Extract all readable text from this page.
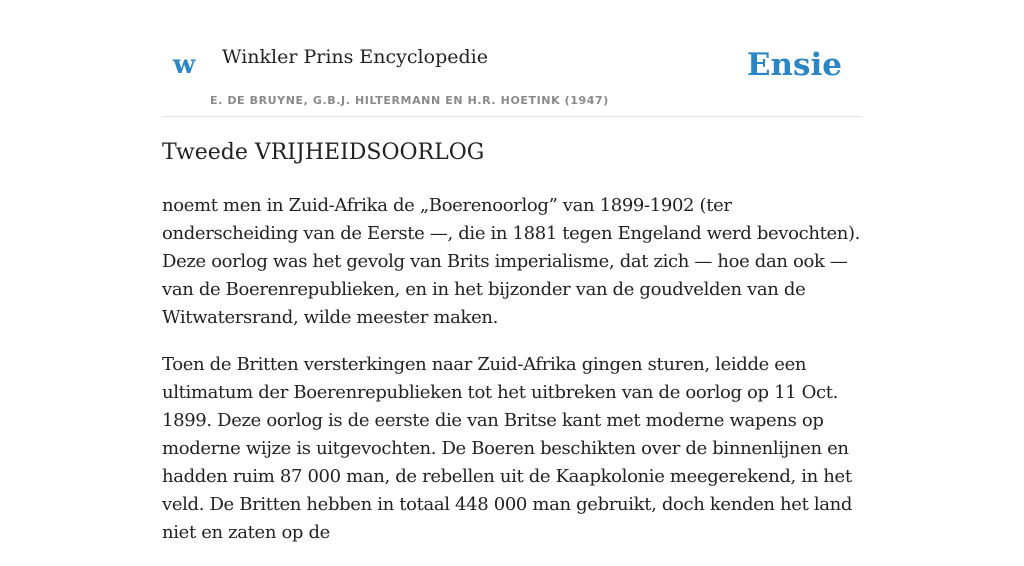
w Winkler Prins Encyclopedie
E. DE BRUYNE, G.B.J. HILTERMANN EN H.R. HOETINK (1947)
Ensie
Tweede VRIJHEIDSOORLOG

noemt men in Zuid-Afrika de „Boerenoorlog” van 1899-1902 (ter onderscheiding van de Eerste —, die in 1881 tegen Engeland werd bevochten). Deze oorlog was het gevolg van Brits imperialisme, dat zich — hoe dan ook — van de Boerenrepublieken, en in het bijzonder van de goudvelden van de Witwatersrand, wilde meester maken.

Toen de Britten versterkingen naar Zuid-Afrika gingen sturen, leidde een ultimatum der Boerenrepublieken tot het uitbreken van de oorlog op 11 Oct. 1899. Deze oorlog is de eerste die van Britse kant met moderne wapens op moderne wijze is uitgevochten. De Boeren beschikten over de binnenlijnen en hadden ruim 87 000 man, de rebellen uit de Kaapkolonie meegerekend, in het veld. De Britten hebben in totaal 448 000 man gebruikt, doch kenden het land niet en zaten op de
